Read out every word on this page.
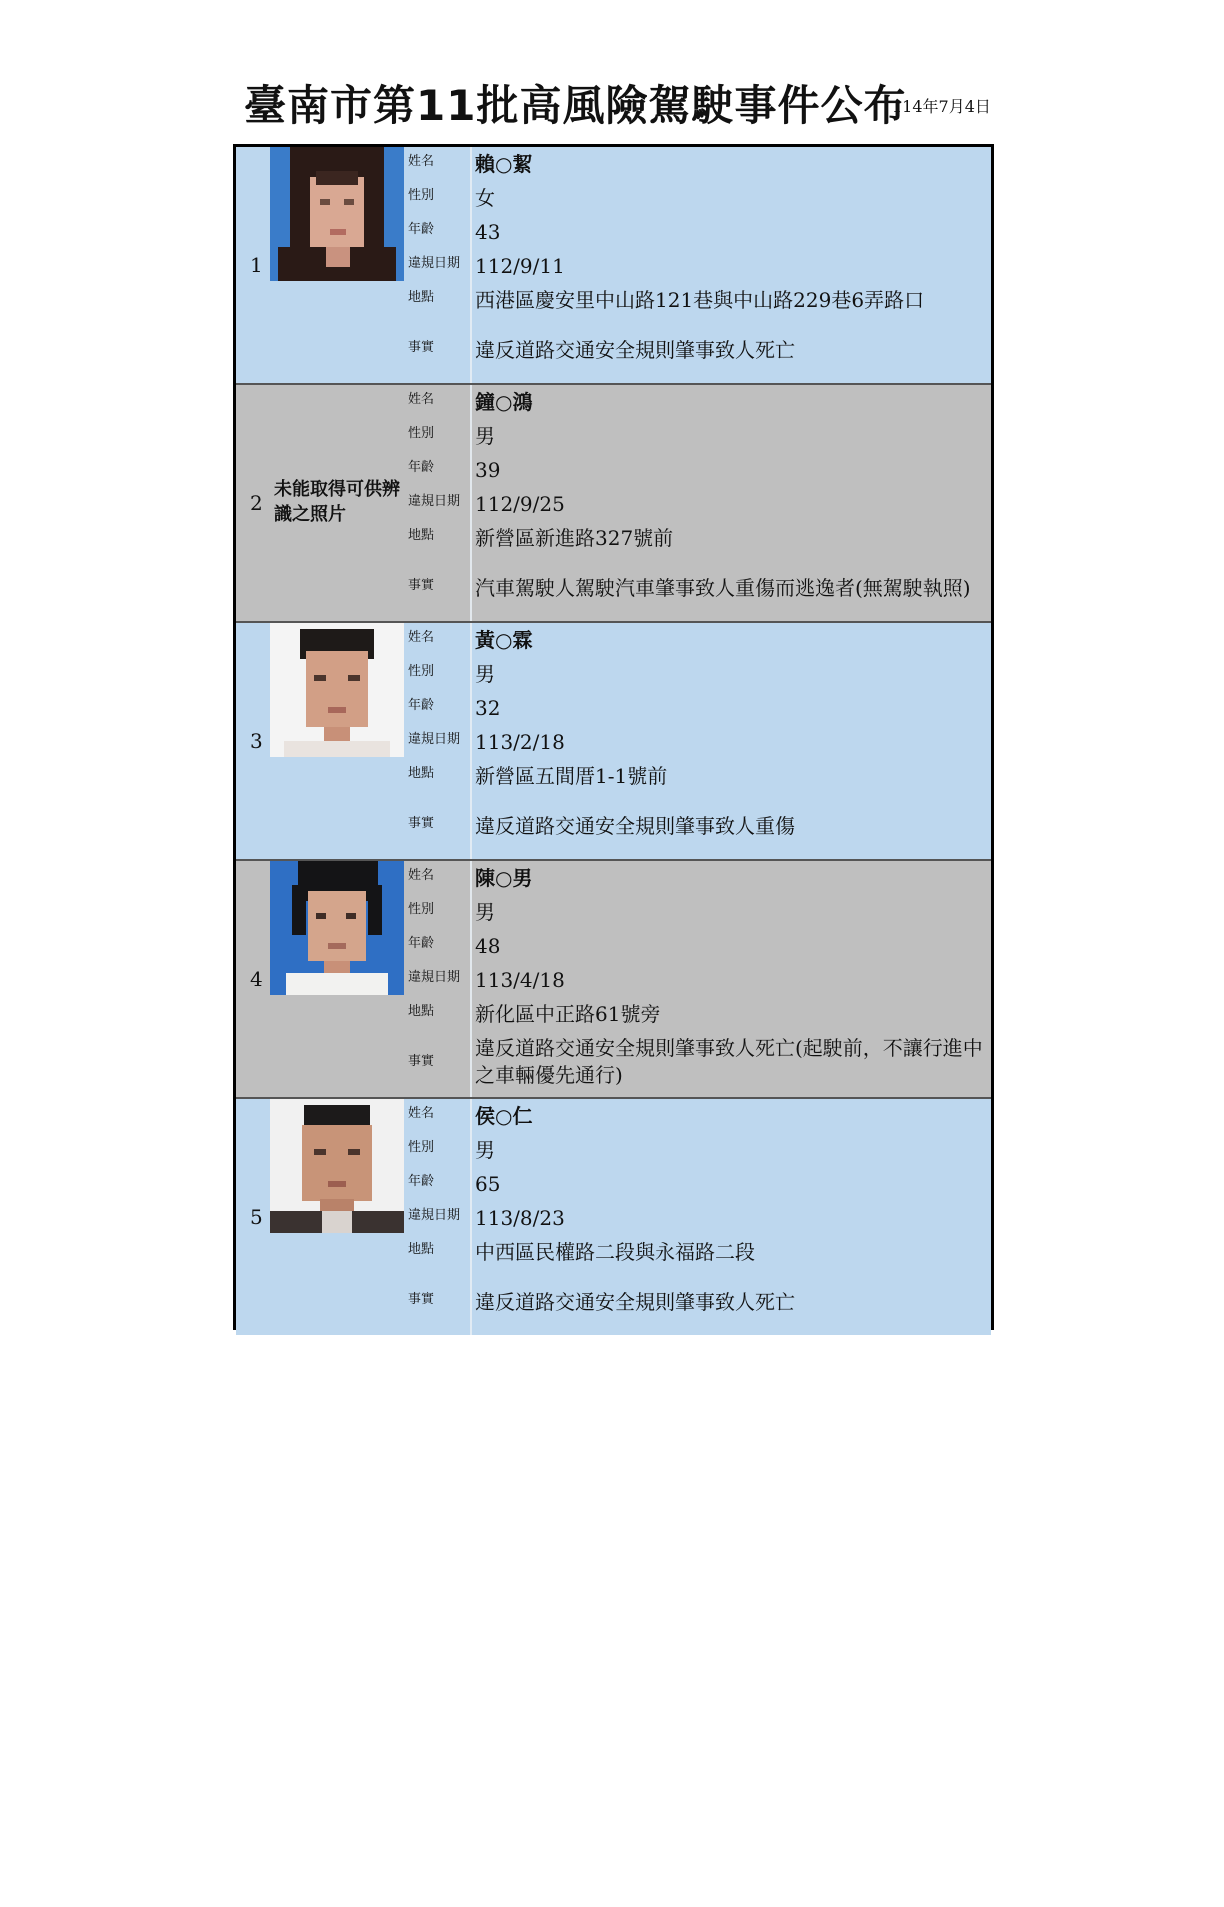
臺南市第11批高風險駕駛事件公布
114年7月4日
1
姓名 賴○絜
性別 女
年齡 43
違規日期 112/9/11
地點 西港區慶安里中山路121巷與中山路229巷6弄路口
事實 違反道路交通安全規則肇事致人死亡
2
未能取得可供辨識之照片
姓名 鐘○鴻
性別 男
年齡 39
違規日期 112/9/25
地點 新營區新進路327號前
事實 汽車駕駛人駕駛汽車肇事致人重傷而逃逸者(無駕駛執照)
3
姓名 黃○霖
性別 男
年齡 32
違規日期 113/2/18
地點 新營區五間厝1-1號前
事實 違反道路交通安全規則肇事致人重傷
4
姓名 陳○男
性別 男
年齡 48
違規日期 113/4/18
地點 新化區中正路61號旁
事實
違反道路交通安全規則肇事致人死亡(起駛前，不讓行進中之車輛優先通行)
5
姓名 侯○仁
性別 男
年齡 65
違規日期 113/8/23
地點 中西區民權路二段與永福路二段
事實 違反道路交通安全規則肇事致人死亡
